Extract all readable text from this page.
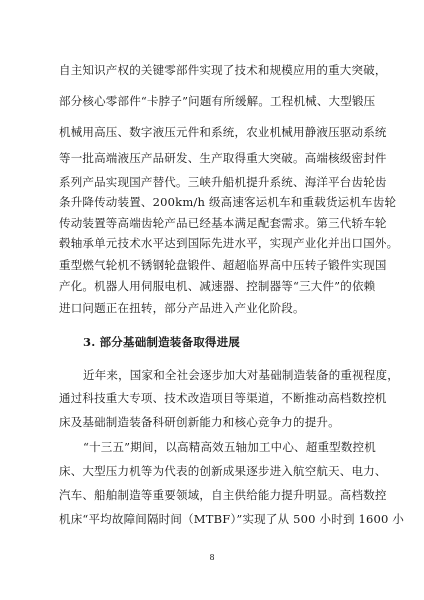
自主知识产权的关键零部件实现了技术和规模应用的重大突破，
部分核心零部件“卡脖子”问题有所缓解。工程机械、大型锻压
机械用高压、数字液压元件和系统，农业机械用静液压驱动系统
等一批高端液压产品研发、生产取得重大突破。高端核级密封件
系列产品实现国产替代。三峡升船机提升系统、海洋平台齿轮齿
条升降传动装置、200km/h 级高速客运机车和重载货运机车齿轮
传动装置等高端齿轮产品已经基本满足配套需求。第三代轿车轮
毂轴承单元技术水平达到国际先进水平，实现产业化并出口国外。
重型燃气轮机不锈钢轮盘锻件、超超临界高中压转子锻件实现国
产化。机器人用伺服电机、减速器、控制器等“三大件”的依赖
进口问题正在扭转，部分产品进入产业化阶段。
3. 部分基础制造装备取得进展
近年来，国家和全社会逐步加大对基础制造装备的重视程度，
通过科技重大专项、技术改造项目等渠道，不断推动高档数控机
床及基础制造装备科研创新能力和核心竞争力的提升。
“十三五”期间，以高精高效五轴加工中心、超重型数控机
床、大型压力机等为代表的创新成果逐步进入航空航天、电力、
汽车、船舶制造等重要领域，自主供给能力提升明显。高档数控
机床“平均故障间隔时间（MTBF）”实现了从 500 小时到 1600 小
8
